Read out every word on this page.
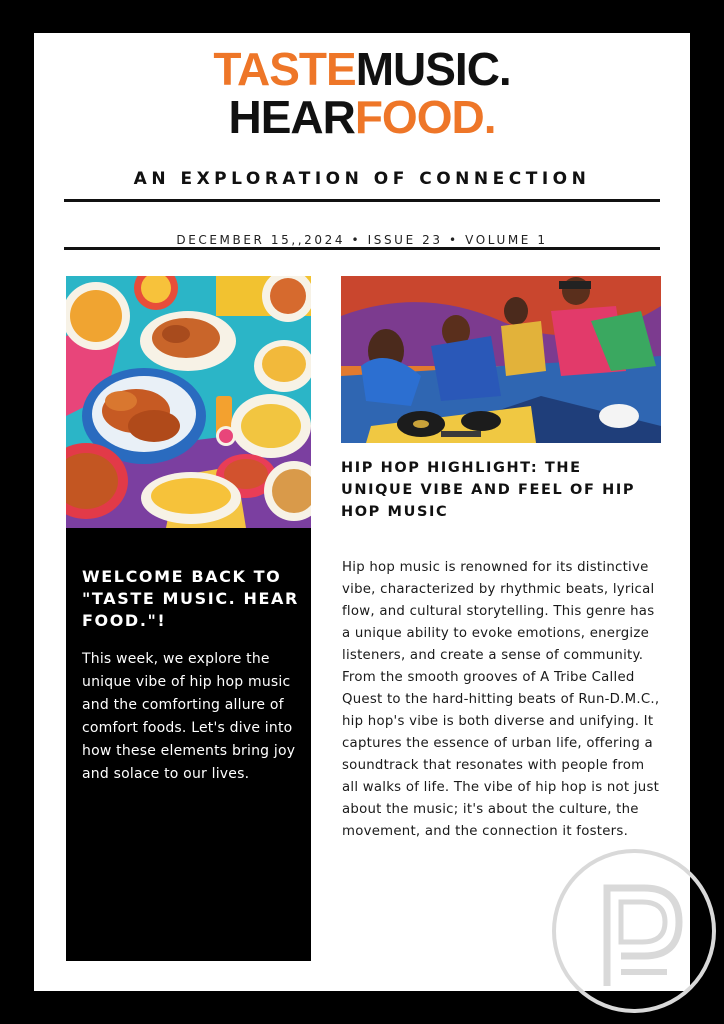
TASTEMUSIC.
HEARFOOD.
AN EXPLORATION OF CONNECTION
DECEMBER 15,,2024 • ISSUE 23 • VOLUME 1
WELCOME BACK TO "TASTE MUSIC. HEAR FOOD."!
This week, we explore the unique vibe of hip hop music and the comforting allure of comfort foods. Let's dive into how these elements bring joy and solace to our lives.
HIP HOP HIGHLIGHT: THE UNIQUE VIBE AND FEEL OF HIP HOP MUSIC
Hip hop music is renowned for its distinctive vibe, characterized by rhythmic beats, lyrical flow, and cultural storytelling. This genre has a unique ability to evoke emotions, energize listeners, and create a sense of community. From the smooth grooves of A Tribe Called Quest to the hard-hitting beats of Run-D.M.C., hip hop's vibe is both diverse and unifying. It captures the essence of urban life, offering a soundtrack that resonates with people from all walks of life. The vibe of hip hop is not just about the music; it's about the culture, the movement, and the connection it fosters.
